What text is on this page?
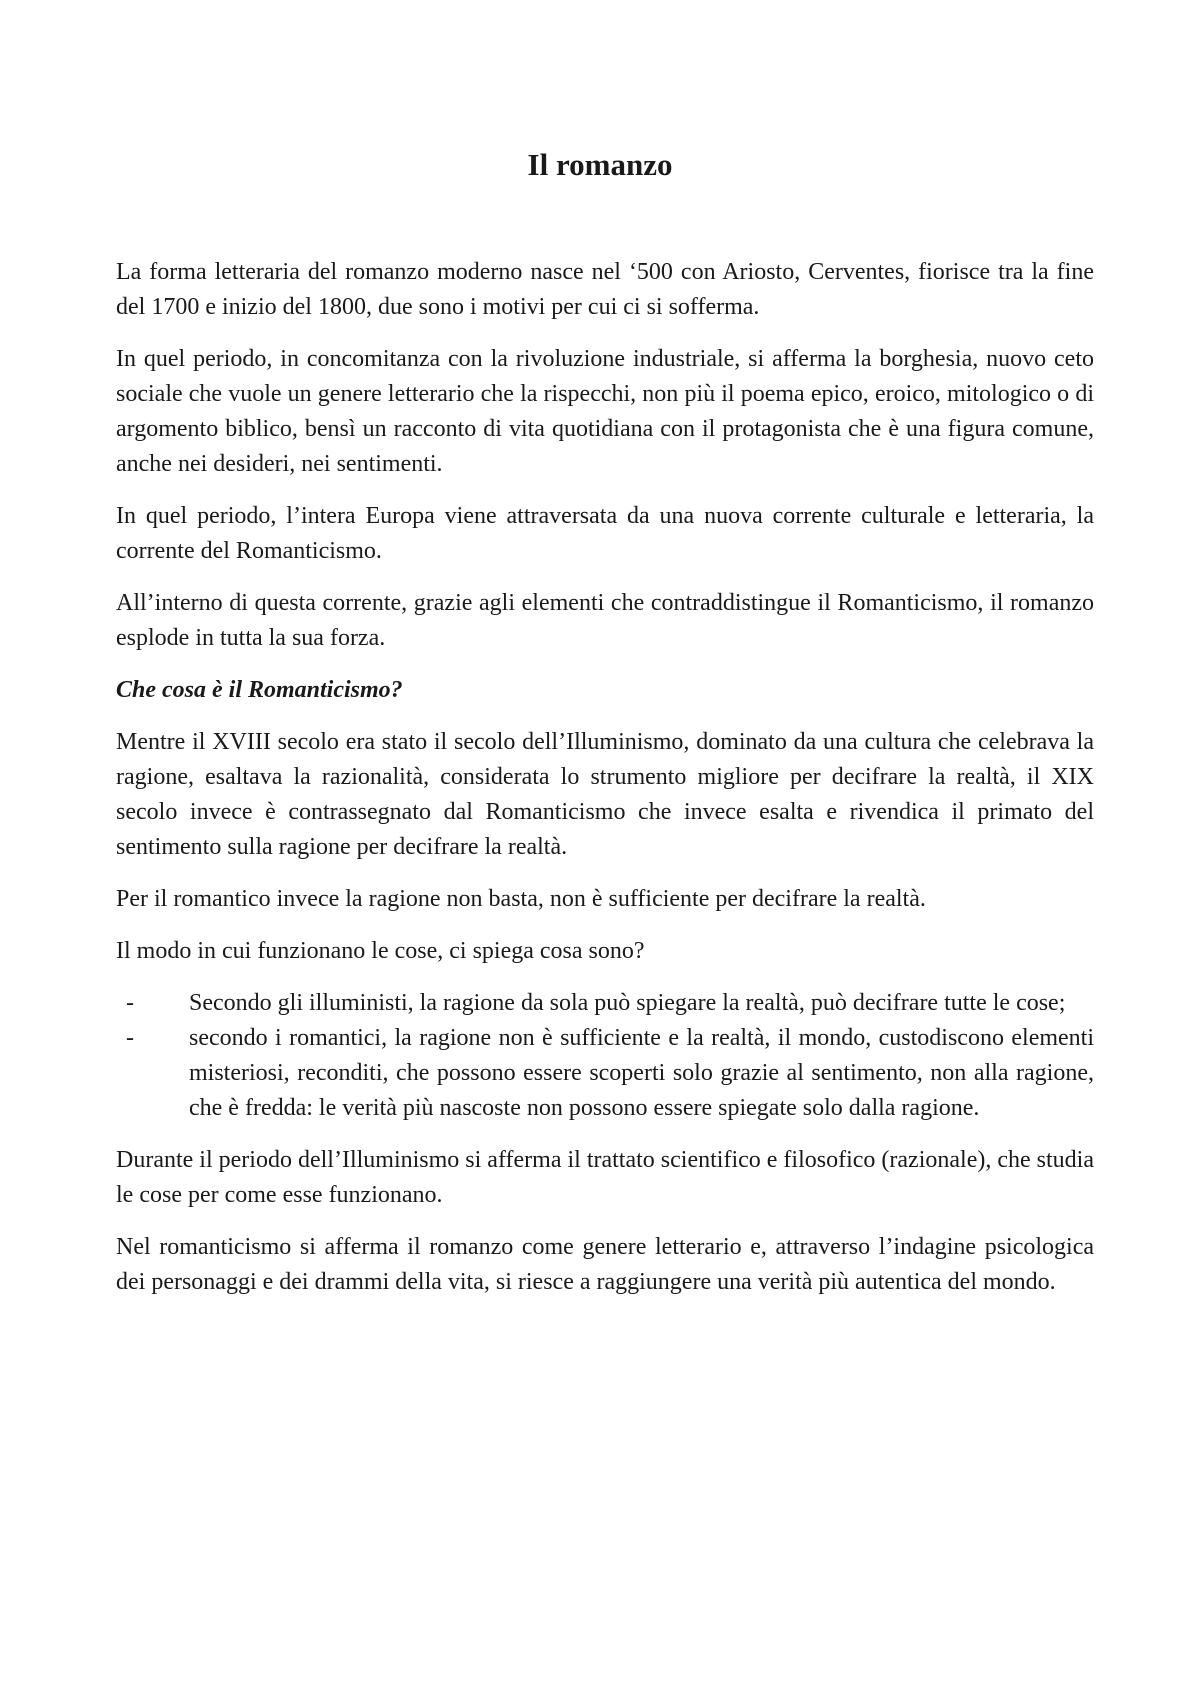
Il romanzo

La forma letteraria del romanzo moderno nasce nel ‘500 con Ariosto, Cerventes, fiorisce tra la fine del 1700 e inizio del 1800, due sono i motivi per cui ci si sofferma.

In quel periodo, in concomitanza con la rivoluzione industriale, si afferma la borghesia, nuovo ceto sociale che vuole un genere letterario che la rispecchi, non più il poema epico, eroico, mitologico o di argomento biblico, bensì un racconto di vita quotidiana con il protagonista che è una figura comune, anche nei desideri, nei sentimenti.

In quel periodo, l’intera Europa viene attraversata da una nuova corrente culturale e letteraria, la corrente del Romanticismo.

All’interno di questa corrente, grazie agli elementi che contraddistingue il Romanticismo, il romanzo esplode in tutta la sua forza.

Che cosa è il Romanticismo?

Mentre il XVIII secolo era stato il secolo dell’Illuminismo, dominato da una cultura che celebrava la ragione, esaltava la razionalità, considerata lo strumento migliore per decifrare la realtà, il XIX secolo invece è contrassegnato dal Romanticismo che invece esalta e rivendica il primato del sentimento sulla ragione per decifrare la realtà.

Per il romantico invece la ragione non basta, non è sufficiente per decifrare la realtà.

Il modo in cui funzionano le cose, ci spiega cosa sono?

- Secondo gli illuministi, la ragione da sola può spiegare la realtà, può decifrare tutte le cose;
- secondo i romantici, la ragione non è sufficiente e la realtà, il mondo, custodiscono elementi misteriosi, reconditi, che possono essere scoperti solo grazie al sentimento, non alla ragione, che è fredda: le verità più nascoste non possono essere spiegate solo dalla ragione.

Durante il periodo dell’Illuminismo si afferma il trattato scientifico e filosofico (razionale), che studia le cose per come esse funzionano.

Nel romanticismo si afferma il romanzo come genere letterario e, attraverso l’indagine psicologica dei personaggi e dei drammi della vita, si riesce a raggiungere una verità più autentica del mondo.
